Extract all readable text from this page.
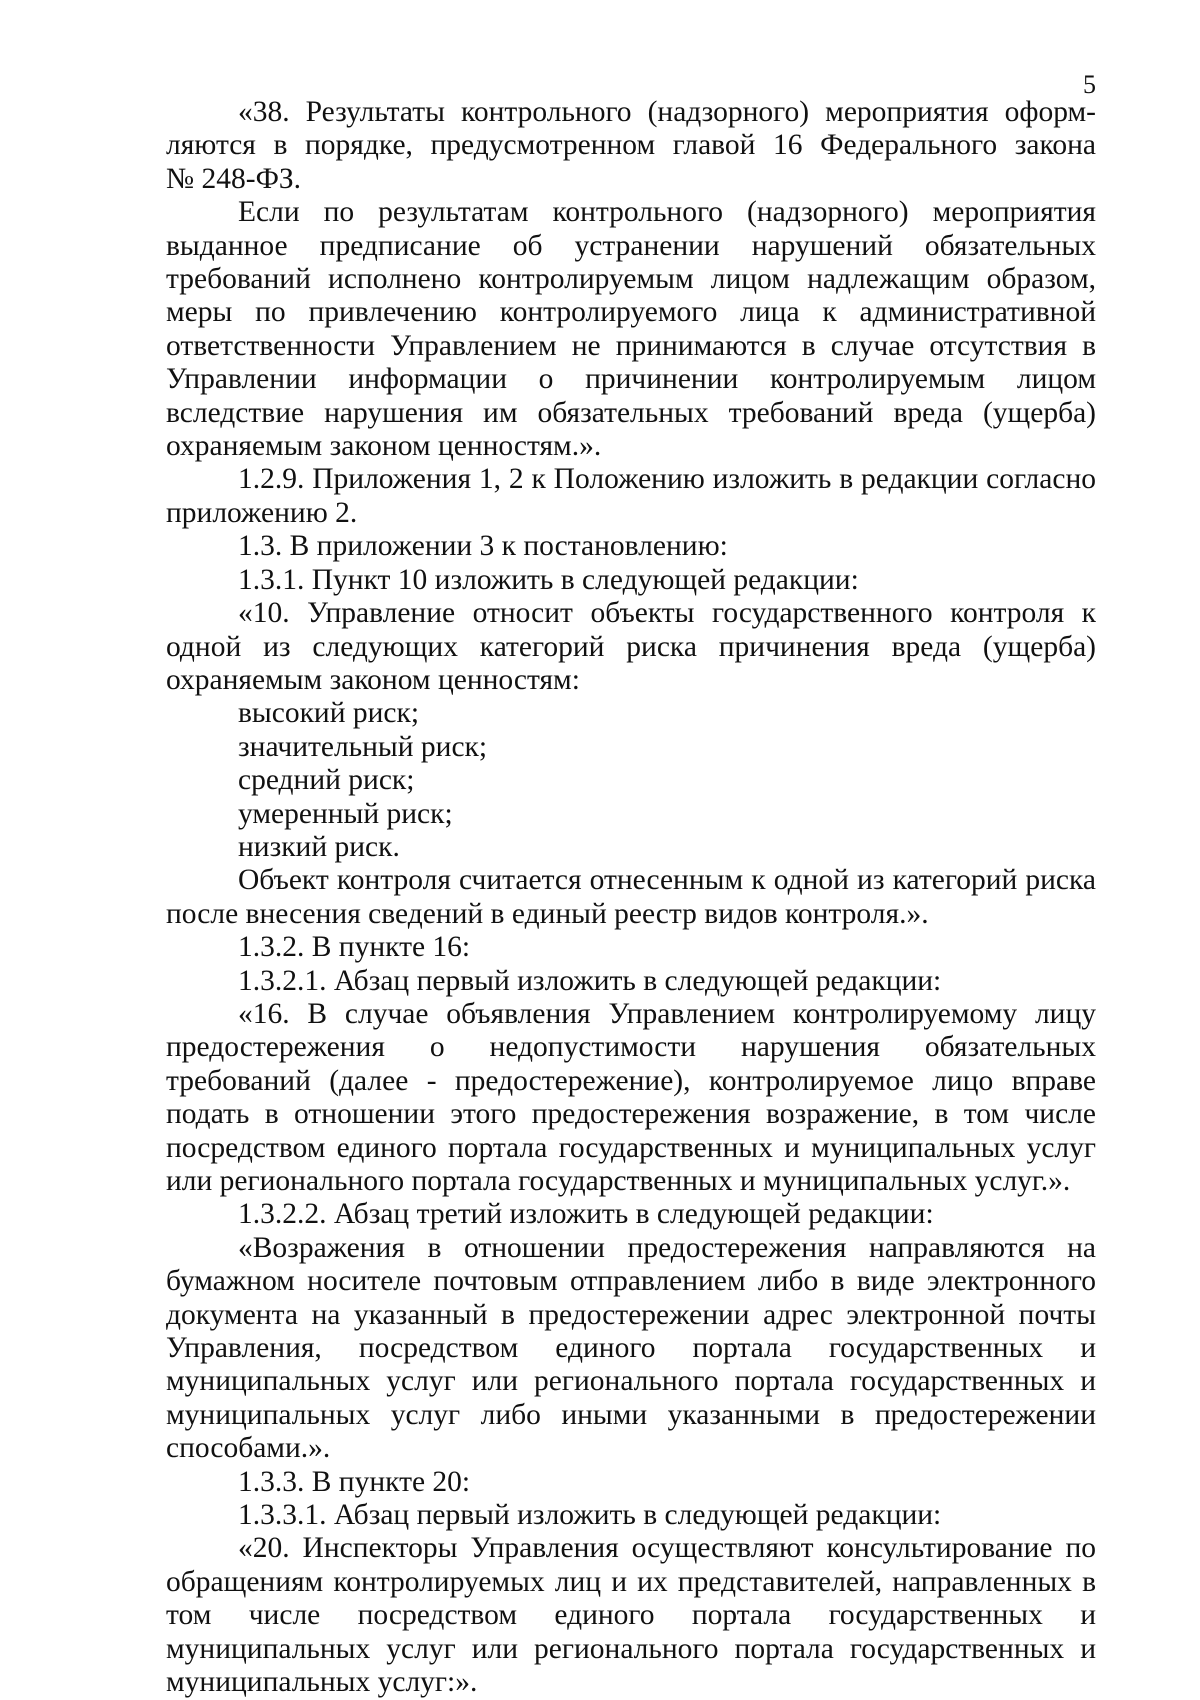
5

«38. Результаты контрольного (надзорного) мероприятия оформляются в порядке, предусмотренном главой 16 Федерального закона № 248-ФЗ.

Если по результатам контрольного (надзорного) мероприятия выданное предписание об устранении нарушений обязательных требований исполнено контролируемым лицом надлежащим образом, меры по привлечению контролируемого лица к административной ответственности Управлением не принимаются в случае отсутствия в Управлении информации о причинении контролируемым лицом вследствие нарушения им обязательных требований вреда (ущерба) охраняемым законом ценностям.».

1.2.9. Приложения 1, 2 к Положению изложить в редакции согласно приложению 2.

1.3. В приложении 3 к постановлению:

1.3.1. Пункт 10 изложить в следующей редакции:

«10. Управление относит объекты государственного контроля к одной из следующих категорий риска причинения вреда (ущерба) охраняемым законом ценностям:

высокий риск;

значительный риск;

средний риск;

умеренный риск;

низкий риск.

Объект контроля считается отнесенным к одной из категорий риска после внесения сведений в единый реестр видов контроля.».

1.3.2. В пункте 16:

1.3.2.1. Абзац первый изложить в следующей редакции:

«16. В случае объявления Управлением контролируемому лицу предостережения о недопустимости нарушения обязательных требований (далее - предостережение), контролируемое лицо вправе подать в отношении этого предостережения возражение, в том числе посредством единого портала государственных и муниципальных услуг или регионального портала государственных и муниципальных услуг.».

1.3.2.2. Абзац третий изложить в следующей редакции:

«Возражения в отношении предостережения направляются на бумажном носителе почтовым отправлением либо в виде электронного документа на указанный в предостережении адрес электронной почты Управления, посредством единого портала государственных и муниципальных услуг или регионального портала государственных и муниципальных услуг либо иными указанными в предостережении способами.».

1.3.3. В пункте 20:

1.3.3.1. Абзац первый изложить в следующей редакции:

«20. Инспекторы Управления осуществляют консультирование по обращениям контролируемых лиц и их представителей, направленных в том числе посредством единого портала государственных и муниципальных услуг или регионального портала государственных и муниципальных услуг:».
